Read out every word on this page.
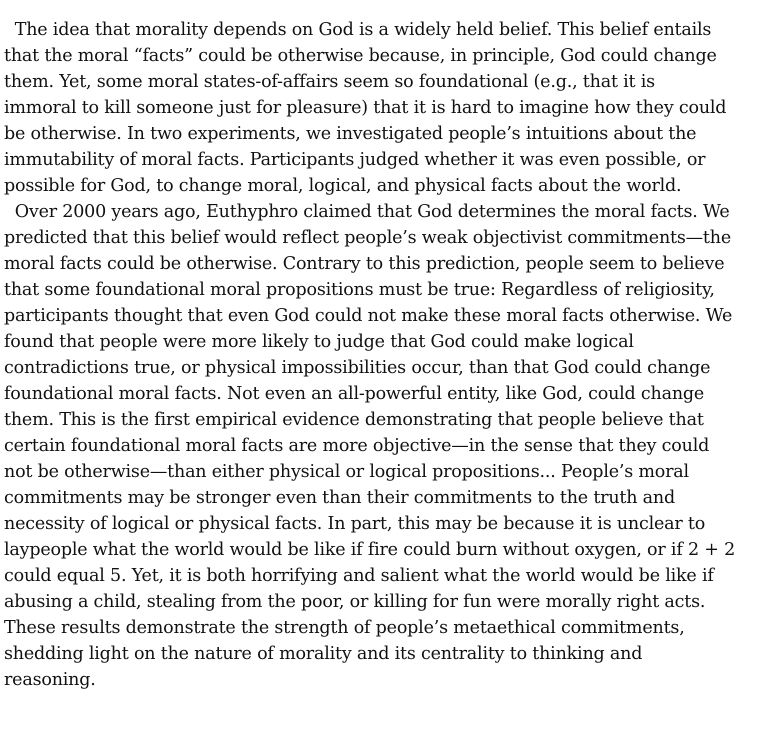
The idea that morality depends on God is a widely held belief. This belief entails
that the moral “facts” could be otherwise because, in principle, God could change
them. Yet, some moral states-of-affairs seem so foundational (e.g., that it is
immoral to kill someone just for pleasure) that it is hard to imagine how they could
be otherwise. In two experiments, we investigated people’s intuitions about the
immutability of moral facts. Participants judged whether it was even possible, or
possible for God, to change moral, logical, and physical facts about the world.
Over 2000 years ago, Euthyphro claimed that God determines the moral facts. We
predicted that this belief would reflect people’s weak objectivist commitments—the
moral facts could be otherwise. Contrary to this prediction, people seem to believe
that some foundational moral propositions must be true: Regardless of religiosity,
participants thought that even God could not make these moral facts otherwise. We
found that people were more likely to judge that God could make logical
contradictions true, or physical impossibilities occur, than that God could change
foundational moral facts. Not even an all-powerful entity, like God, could change
them. This is the first empirical evidence demonstrating that people believe that
certain foundational moral facts are more objective—in the sense that they could
not be otherwise—than either physical or logical propositions... People’s moral
commitments may be stronger even than their commitments to the truth and
necessity of logical or physical facts. In part, this may be because it is unclear to
laypeople what the world would be like if fire could burn without oxygen, or if 2 + 2
could equal 5. Yet, it is both horrifying and salient what the world would be like if
abusing a child, stealing from the poor, or killing for fun were morally right acts.
These results demonstrate the strength of people’s metaethical commitments,
shedding light on the nature of morality and its centrality to thinking and
reasoning.
